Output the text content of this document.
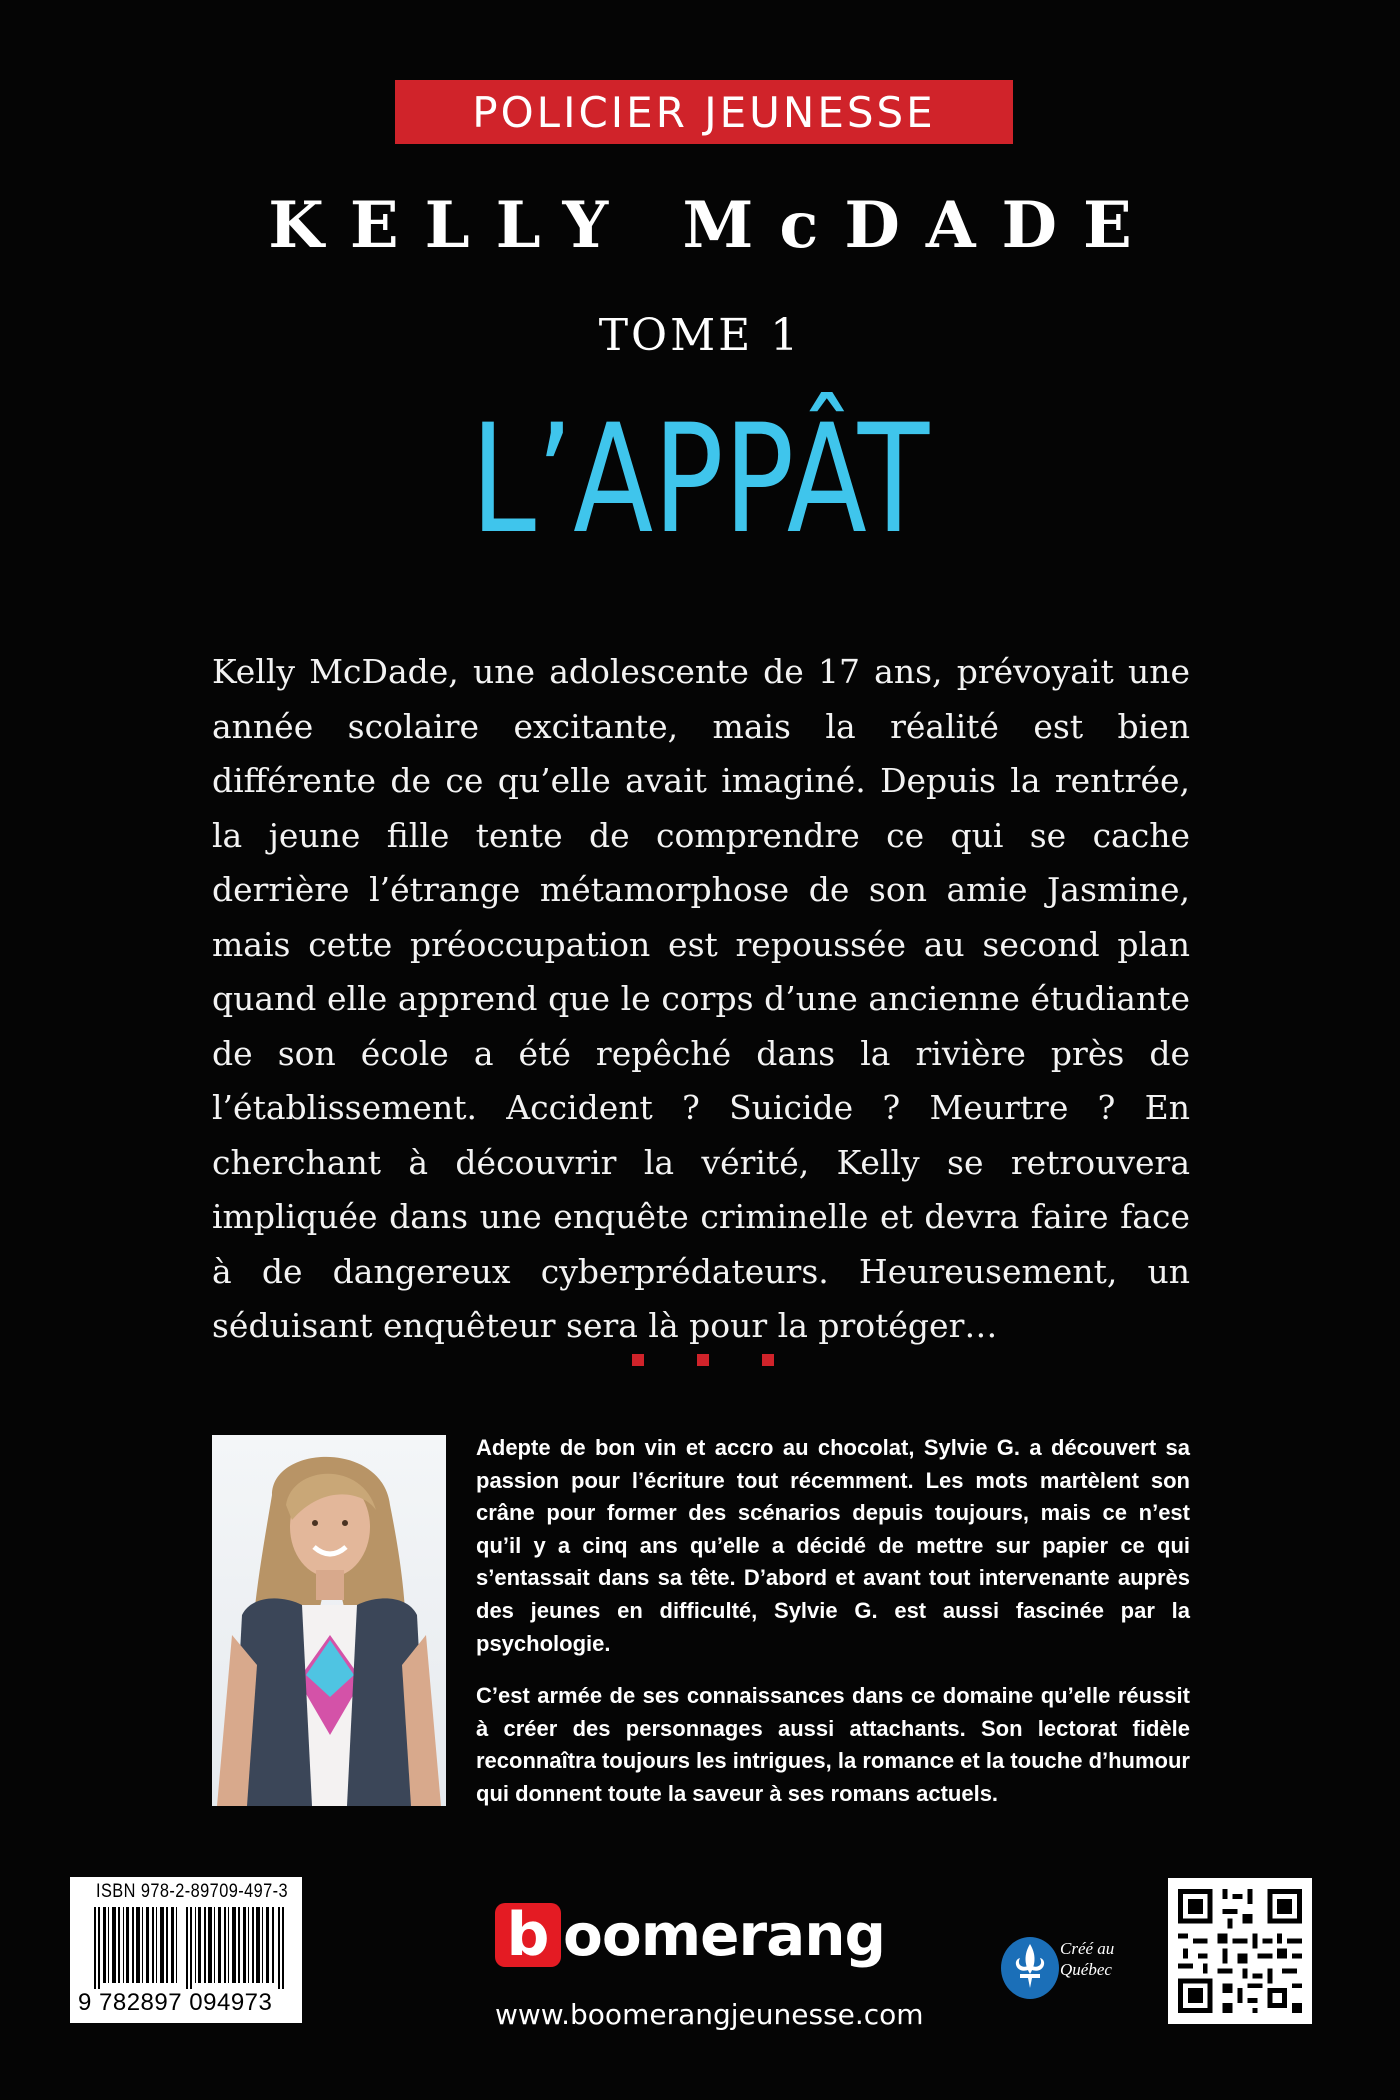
POLICIER JEUNESSE
KELLY McDADE
TOME 1
L’APPÂT
Kelly McDade, une adolescente de 17 ans, prévoyait une année scolaire excitante, mais la réalité est bien différente de ce qu’elle avait imaginé. Depuis la rentrée, la jeune fille tente de comprendre ce qui se cache derrière l’étrange métamorphose de son amie Jasmine, mais cette préoccupation est repoussée au second plan quand elle apprend que le corps d’une ancienne étudiante de son école a été repêché dans la rivière près de l’établissement. Accident ? Suicide ? Meurtre ? En cherchant à découvrir la vérité, Kelly se retrouvera impliquée dans une enquête criminelle et devra faire face à de dangereux cyberprédateurs. Heureusement, un séduisant enquêteur sera là pour la protéger…

Adepte de bon vin et accro au chocolat, Sylvie G. a découvert sa passion pour l’écriture tout récemment. Les mots martèlent son crâne pour former des scénarios depuis toujours, mais ce n’est qu’il y a cinq ans qu’elle a décidé de mettre sur papier ce qui s’entassait dans sa tête. D’abord et avant tout intervenante auprès des jeunes en difficulté, Sylvie G. est aussi fascinée par la psychologie.

C’est armée de ses connaissances dans ce domaine qu’elle réussit à créer des personnages aussi attachants. Son lectorat fidèle reconnaîtra toujours les intrigues, la romance et la touche d’humour qui donnent toute la saveur à ses romans actuels.

ISBN 978-2-89709-497-3
9 782897 094973
b oomerang
www.boomerangjeunesse.com
Créé au
Québec
